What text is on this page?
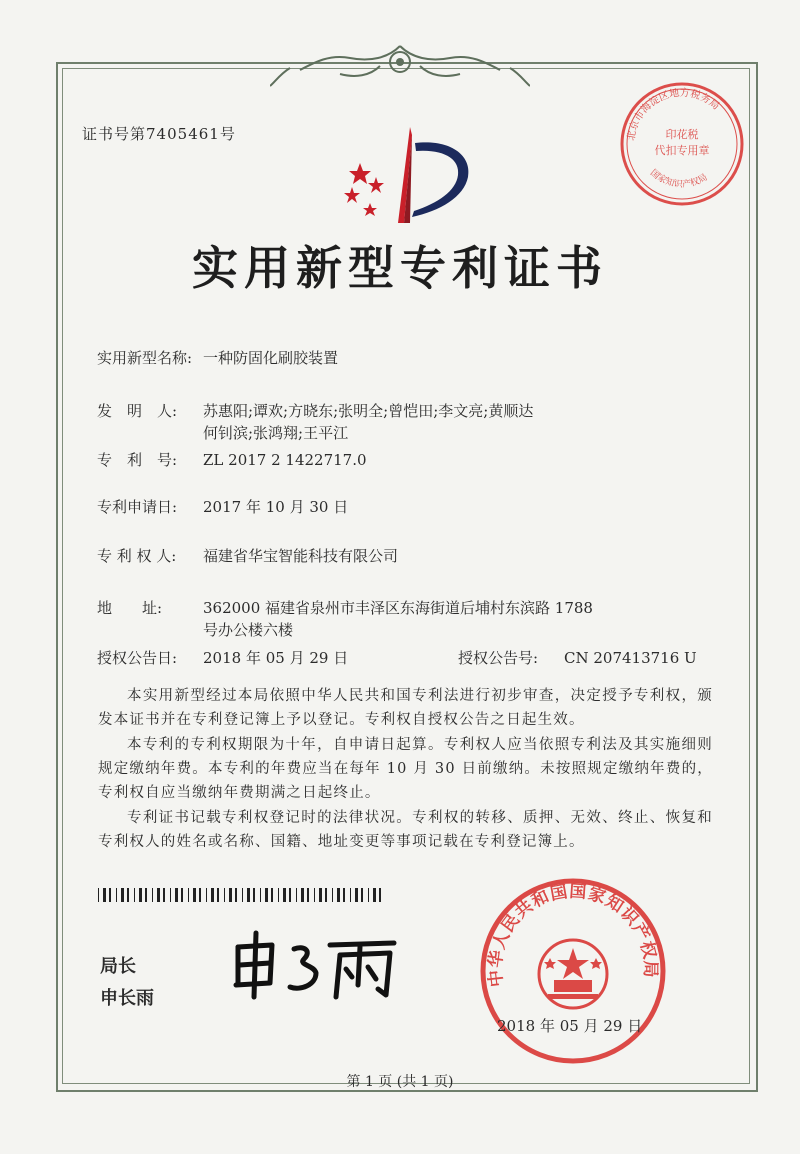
证书号第7405461号	北京市海淀区地方税务局
印花税
代扣专用章
国家知识产权局
实用新型专利证书
实用新型名称: 一种防固化刷胶装置
发　明　人: 苏惠阳;谭欢;方晓东;张明全;曾恺田;李文亮;黄顺达
何钊滨;张鸿翔;王平江
专　利　号: ZL 2017 2 1422717.0
专利申请日: 2017 年 10 月 30 日
专 利 权 人: 福建省华宝智能科技有限公司
地　　址:	362000 福建省泉州市丰泽区东海街道后埔村东滨路 1788
号办公楼六楼
授权公告日: 2018 年 05 月 29 日	授权公告号: CN 207413716 U
本实用新型经过本局依照中华人民共和国专利法进行初步审查，决定授予专利权，颁发本证书并在专利登记簿上予以登记。专利权自授权公告之日起生效。
本专利的专利权期限为十年，自申请日起算。专利权人应当依照专利法及其实施细则规定缴纳年费。本专利的年费应当在每年 10 月 30 日前缴纳。未按照规定缴纳年费的，专利权自应当缴纳年费期满之日起终止。
专利证书记载专利权登记时的法律状况。专利权的转移、质押、无效、终止、恢复和专利权人的姓名或名称、国籍、地址变更等事项记载在专利登记簿上。
局长
申长雨
中华人民共和国国家知识产权局
2018 年 05 月 29 日
第 1 页 (共 1 页)
